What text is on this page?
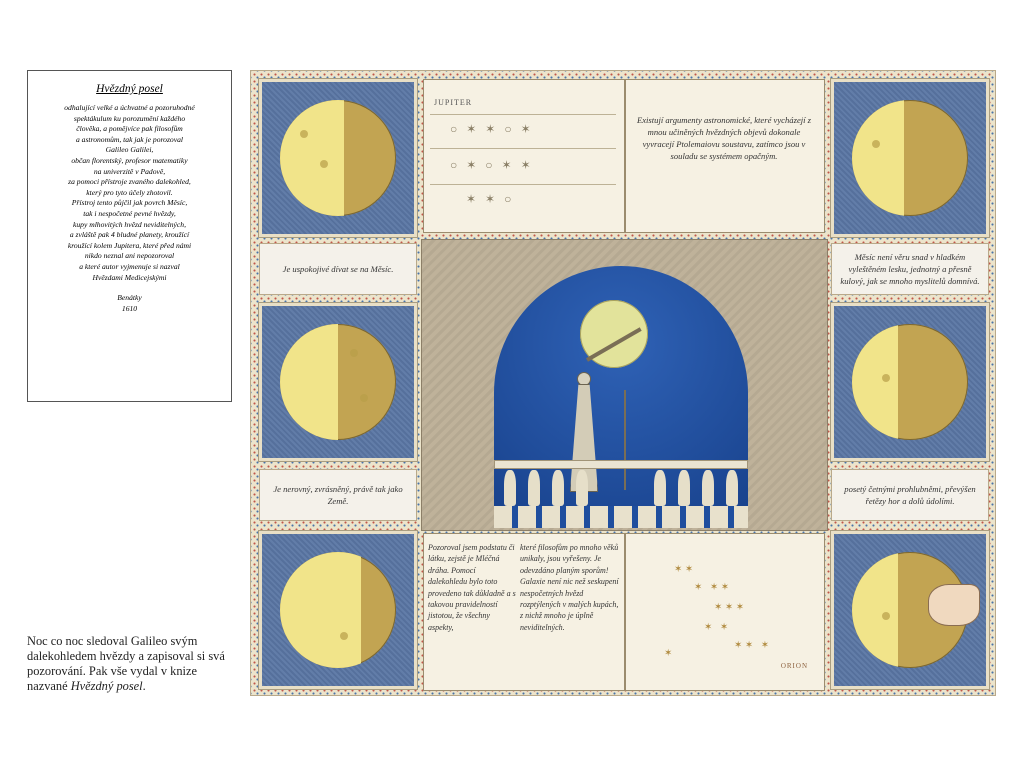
Hvězdný posel
odhalující velké a úchvatné a pozoruhodné
spektákulum ku porozumění každého
člověka, a pomějvíce pak filosofům
a astronomům, tak jak je porozoval
Galileo Galilei,
občan florentský, profesor matematiky
na univerzitě v Padově,
za pomoci přístroje zvaného dalekohled,
který pro tyto účely zhotovil.
Přístroj tento půjčil jak povrch Měsíc,
tak i nespočetné pevné hvězdy,
kupy mlhovitých hvězd neviditelných,
a zvláště pak 4 bludné planety, kroužící
kroužící kolem Jupitera, které před námi
nikdo neznal ani nepozoroval
a které autor vyjmenuje si nazval
Hvězdami Medicejskými
Benátky
1610
Noc co noc sledoval Galileo svým dalekohledem hvězdy a zapisoval si svá pozorování. Pak vše vydal v knize nazvané Hvězdný posel.
Je uspokojivé dívat se na Měsíc.
Je nerovný, zvrásněný, právě tak jako Země.
Měsíc není věru snad v hladkém vyleštěném lesku, jednotný a přesně kulový, jak se mnoho myslitelů domnívá.
posetý četnými prohlubněmi, převýšen řetězy hor a dolů údolími.
JUPITER
○   ✶   ✶   ○   ✶
○   ✶   ○   ✶   ✶
✶   ✶   ○
Existují argumenty astronomické, které vycházejí z mnou učiněných hvězdných objevů dokonale vyvracejí Ptolemaiovu soustavu, zatímco jsou v souladu se systémem opačným.
Pozoroval jsem podstatu či látku, zejstě je Mléčná dráha. Pomocí dalekohledu bylo toto provedeno tak důkladně a s takovou pravidelností jistotou, že všechny aspekty,
které filosofům po mnoho věků unikaly, jsou vyřešeny. Je odevzdáno planým sporům! Galaxie není nic než seskupení nespočetných hvězd rozptýlených v malých kupách, z nichž mnoho je úplně neviditelných.
✶ ✶
✶   ✶ ✶
✶ ✶ ✶
✶   ✶
✶ ✶   ✶
✶
ORION
